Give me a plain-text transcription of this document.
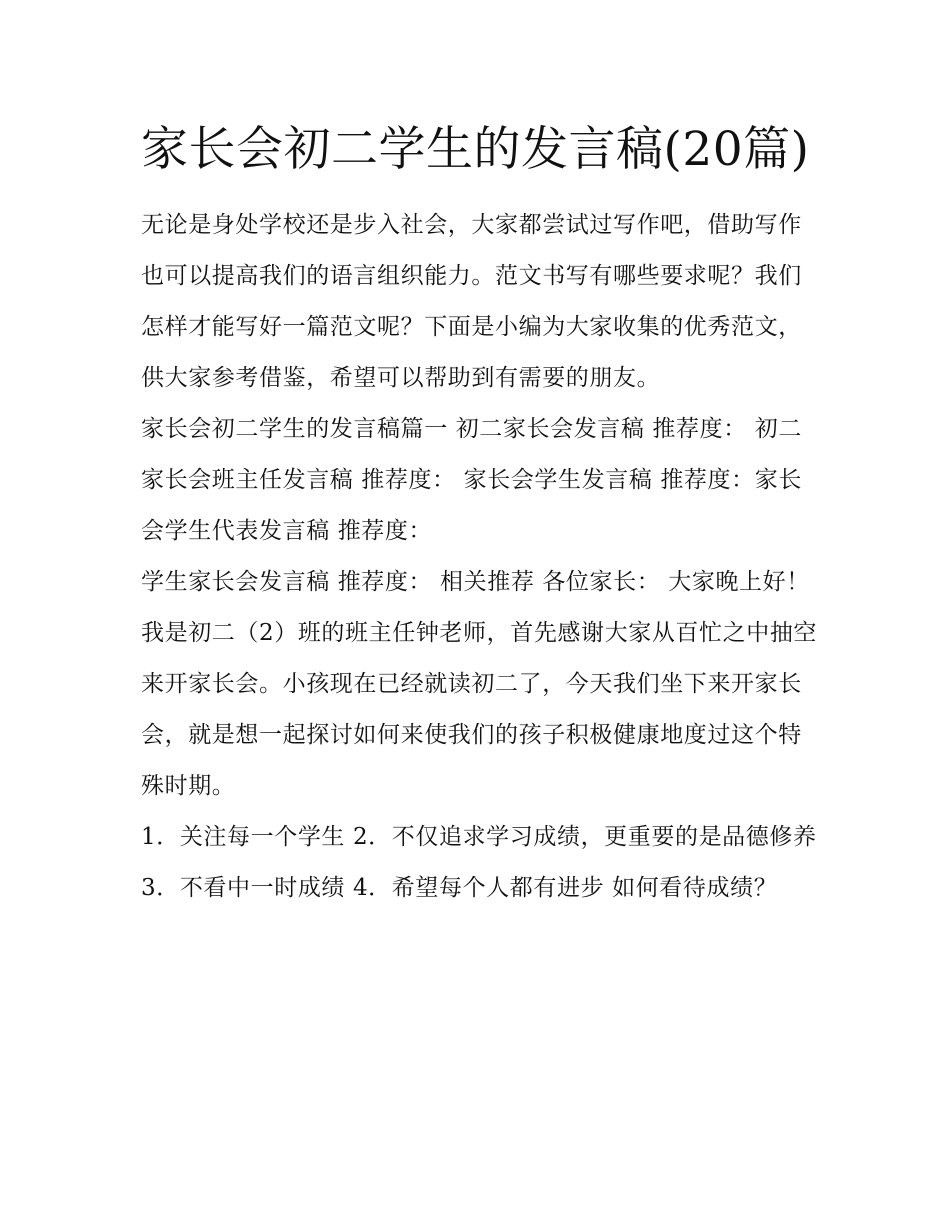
家长会初二学生的发言稿(20篇)

无论是身处学校还是步入社会，大家都尝试过写作吧，借助写作也可以提高我们的语言组织能力。范文书写有哪些要求呢？我们怎样才能写好一篇范文呢？下面是小编为大家收集的优秀范文，供大家参考借鉴，希望可以帮助到有需要的朋友。

家长会初二学生的发言稿篇一 初二家长会发言稿 推荐度： 初二家长会班主任发言稿 推荐度： 家长会学生发言稿 推荐度：家长会学生代表发言稿 推荐度：

学生家长会发言稿 推荐度： 相关推荐 各位家长： 大家晚上好！

我是初二（2）班的班主任钟老师，首先感谢大家从百忙之中抽空来开家长会。小孩现在已经就读初二了，今天我们坐下来开家长会，就是想一起探讨如何来使我们的孩子积极健康地度过这个特殊时期。

1．关注每一个学生 2．不仅追求学习成绩，更重要的是品德修养 3．不看中一时成绩 4．希望每个人都有进步 如何看待成绩？
